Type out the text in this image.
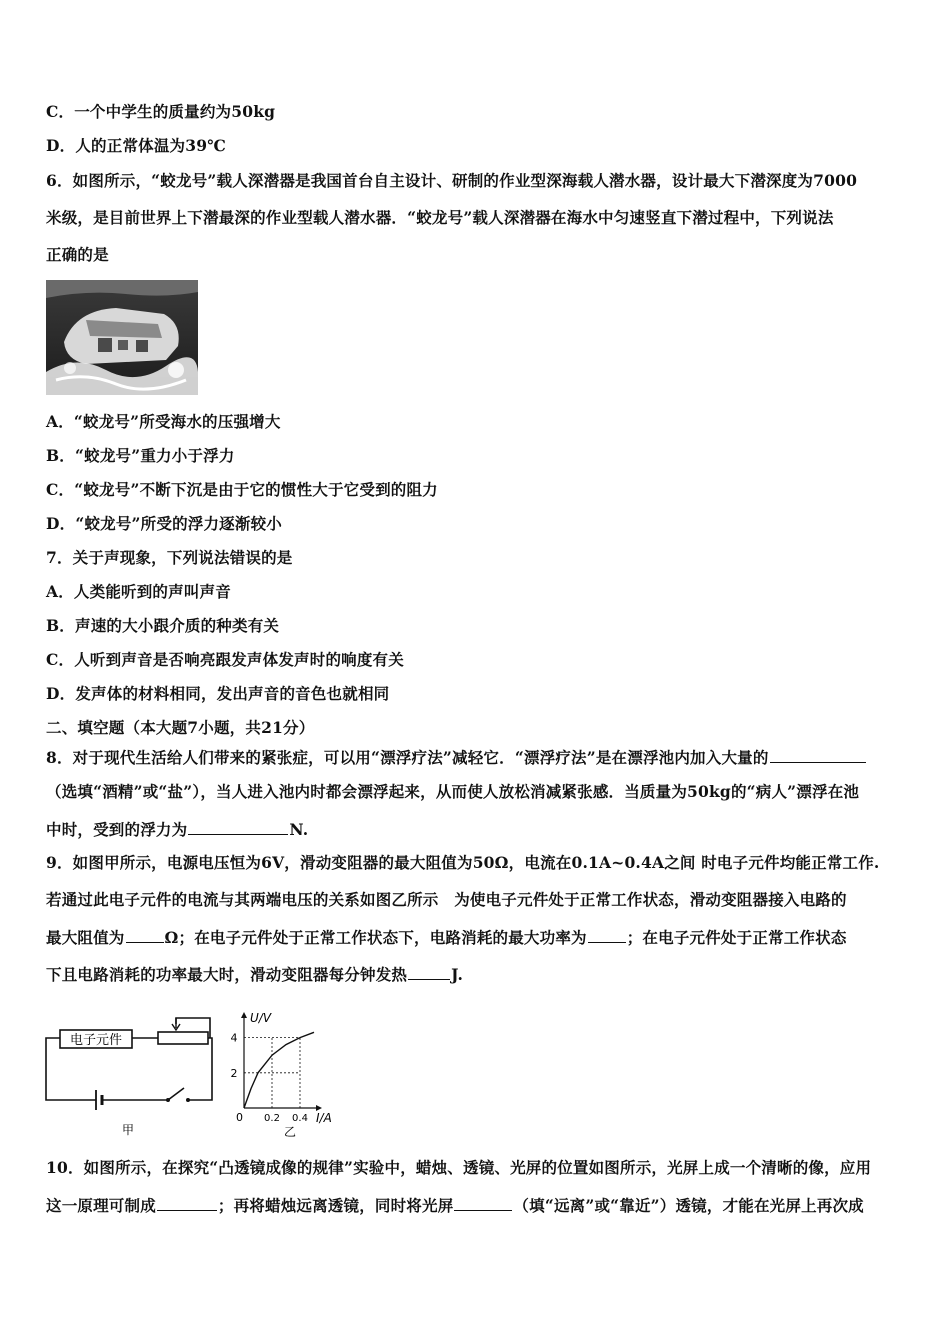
C．一个中学生的质量约为50kg
D．人的正常体温为39℃
6．如图所示，“蛟龙号”载人深潜器是我国首台自主设计、研制的作业型深海载人潜水器，设计最大下潜深度为7000
米级，是目前世界上下潜最深的作业型载人潜水器．“蛟龙号”载人深潜器在海水中匀速竖直下潜过程中，下列说法
正确的是
A．“蛟龙号”所受海水的压强增大
B．“蛟龙号”重力小于浮力
C．“蛟龙号”不断下沉是由于它的惯性大于它受到的阻力
D．“蛟龙号”所受的浮力逐渐较小
7．关于声现象，下列说法错误的是
A．人类能听到的声叫声音
B．声速的大小跟介质的种类有关
C．人听到声音是否响亮跟发声体发声时的响度有关
D．发声体的材料相同，发出声音的音色也就相同
二、填空题（本大题7小题，共21分）
8．对于现代生活给人们带来的紧张症，可以用“漂浮疗法”减轻它．“漂浮疗法”是在漂浮池内加入大量的
（选填“酒精”或“盐”），当人进入池内时都会漂浮起来，从而使人放松消减紧张感．当质量为50kg的“病人”漂浮在池
中时，受到的浮力为	N.
9．如图甲所示，电源电压恒为6V，滑动变阻器的最大阻值为50Ω，电流在0.1A~0.4A之间 时电子元件均能正常工作.
若通过此电子元件的电流与其两端电压的关系如图乙所示　为使电子元件处于正常工作状态，滑动变阻器接入电路的
最大阻值为	Ω；在电子元件处于正常工作状态下，电路消耗的最大功率为	；在电子元件处于正常工作状态
下且电路消耗的功率最大时，滑动变阻器每分钟发热	J.
电子元件
甲
U/V
I/A
0
2
4
0.2 0.4
乙
10．如图所示，在探究“凸透镜成像的规律”实验中，蜡烛、透镜、光屏的位置如图所示，光屏上成一个清晰的像，应用
这一原理可制成	；再将蜡烛远离透镜，同时将光屏	（填“远离”或“靠近”）透镜，才能在光屏上再次成
